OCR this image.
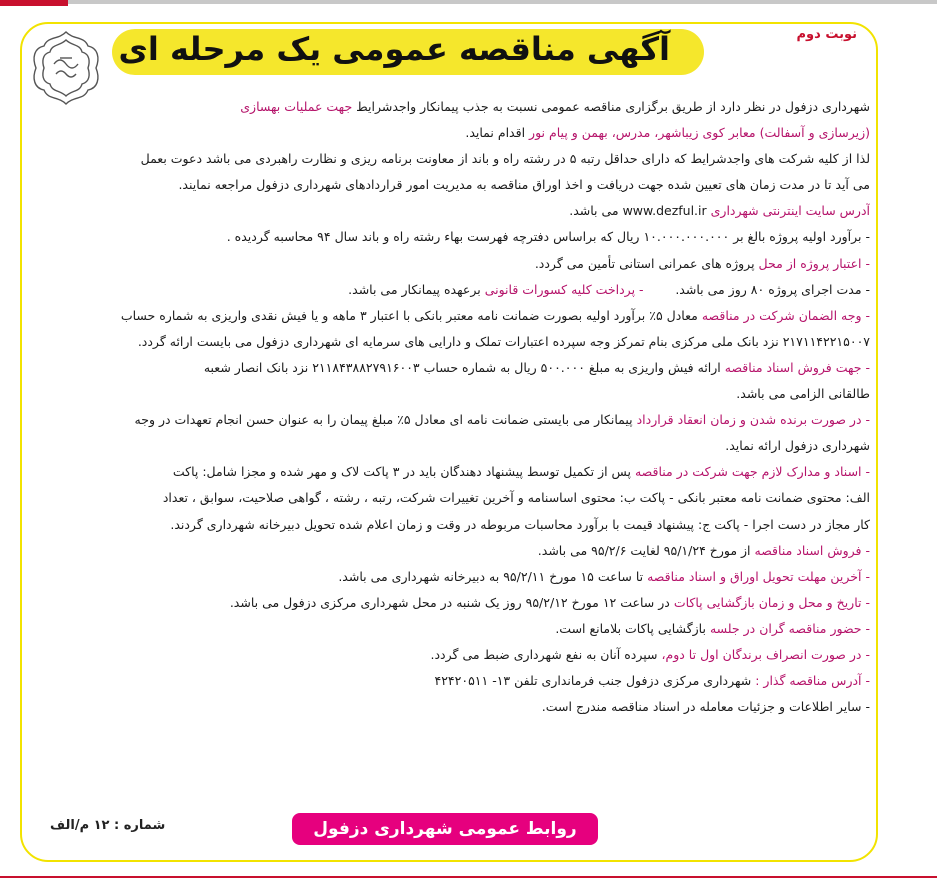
نوبت دوم
آگهی مناقصه عمومی یک مرحله ای
شهرداری دزفول در نظر دارد از طریق برگزاری مناقصه عمومی نسبت به جذب پیمانکار واجدشرایط جهت عملیات بهسازی
(زیرسازی و آسفالت) معابر کوی زیباشهر، مدرس، بهمن و پیام نور اقدام نماید.
لذا از کلیه شرکت های واجدشرایط که دارای حداقل رتبه ۵ در رشته راه و باند از معاونت برنامه ریزی و نظارت راهبردی می باشد دعوت بعمل
می آید تا در مدت زمان های تعیین شده جهت دریافت و اخذ اوراق مناقصه به مدیریت امور قراردادهای شهرداری دزفول مراجعه نمایند.
آدرس سایت اینترنتی شهرداری www.dezful.ir می باشد.
- برآورد اولیه پروژه بالغ بر ۱۰.۰۰۰.۰۰۰.۰۰۰ ریال که براساس دفترچه فهرست بهاء رشته راه و باند سال ۹۴ محاسبه گردیده .
- اعتبار پروژه از محل پروژه های عمرانی استانی تأمین می گردد.
- مدت اجرای پروژه ۸۰ روز می باشد.        - پرداخت کلیه کسورات قانونی برعهده پیمانکار می باشد.
- وجه الضمان شرکت در مناقصه معادل ۵٪ برآورد اولیه بصورت ضمانت نامه معتبر بانکی با اعتبار ۳ ماهه و یا فیش نقدی واریزی به شماره حساب
۲۱۷۱۱۴۲۲۱۵۰۰۷ نزد بانک ملی مرکزی بنام تمرکز وجه سپرده اعتبارات تملک و دارایی های سرمایه ای شهرداری دزفول می بایست ارائه گردد.
- جهت فروش اسناد مناقصه ارائه فیش واریزی به مبلغ ۵۰۰.۰۰۰ ریال به شماره حساب ۲۱۱۸۴۳۸۸۲۷۹۱۶۰۰۳ نزد بانک انصار شعبه
طالقانی الزامی می باشد.
- در صورت برنده شدن و زمان انعقاد قرارداد پیمانکار می بایستی ضمانت نامه ای معادل ۵٪ مبلغ پیمان را به عنوان حسن انجام تعهدات در وجه
شهرداری دزفول ارائه نماید.
- اسناد و مدارک لازم جهت شرکت در مناقصه پس از تکمیل توسط پیشنهاد دهندگان باید در ۳ پاکت لاک و مهر شده و مجزا شامل: پاکت
الف: محتوی ضمانت نامه معتبر بانکی - پاکت ب: محتوی اساسنامه و آخرین تغییرات شرکت، رتبه ، رشته ، گواهی صلاحیت، سوابق ، تعداد
کار مجاز در دست اجرا - پاکت ج: پیشنهاد قیمت با برآورد محاسبات مربوطه در وقت و زمان اعلام شده تحویل دبیرخانه شهرداری گردند.
- فروش اسناد مناقصه از مورخ ۹۵/۱/۲۴ لغایت ۹۵/۲/۶ می باشد.
- آخرین مهلت تحویل اوراق و اسناد مناقصه تا ساعت ۱۵ مورخ ۹۵/۲/۱۱ به دبیرخانه شهرداری می باشد.
- تاریخ و محل و زمان بازگشایی پاکات در ساعت ۱۲ مورخ ۹۵/۲/۱۲ روز یک شنبه در محل شهرداری مرکزی دزفول می باشد.
- حضور مناقصه گران در جلسه بازگشایی پاکات بلامانع است.
- در صورت انصراف برندگان اول تا دوم، سپرده آنان به نفع شهرداری ضبط می گردد.
- آدرس مناقصه گذار : شهرداری مرکزی دزفول جنب فرمانداری تلفن ۱۳- ۴۲۴۲۰۵۱۱
- سایر اطلاعات و جزئیات معامله در اسناد مناقصه مندرج است.
شماره : ۱۲ م/الف	روابط عمومی شهرداری دزفول
